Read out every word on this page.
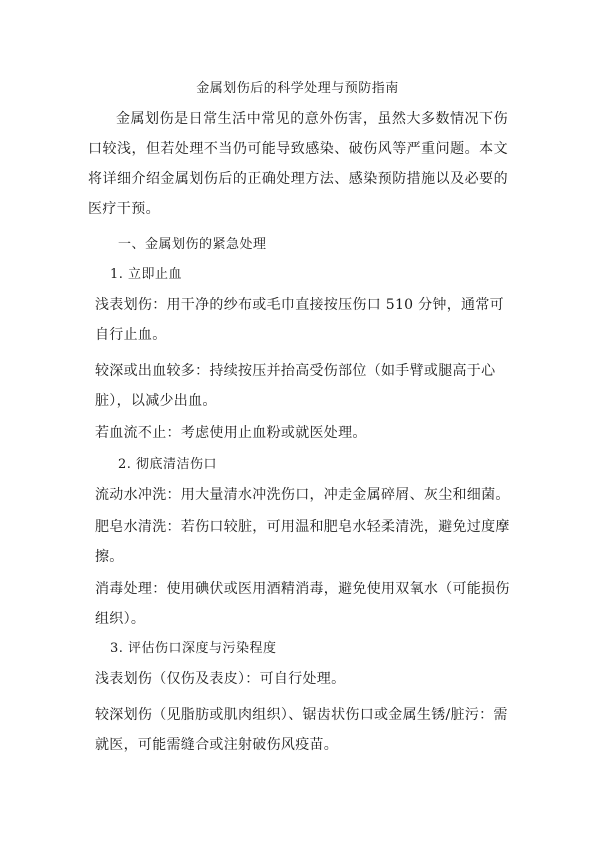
金属划伤后的科学处理与预防指南

金属划伤是日常生活中常见的意外伤害，虽然大多数情况下伤口较浅，但若处理不当仍可能导致感染、破伤风等严重问题。本文将详细介绍金属划伤后的正确处理方法、感染预防措施以及必要的医疗干预。

一、金属划伤的紧急处理
1. 立即止血

浅表划伤：用干净的纱布或毛巾直接按压伤口 510 分钟，通常可自行止血。

较深或出血较多：持续按压并抬高受伤部位（如手臂或腿高于心脏），以减少出血。

若血流不止：考虑使用止血粉或就医处理。

2. 彻底清洁伤口

流动水冲洗：用大量清水冲洗伤口，冲走金属碎屑、灰尘和细菌。

肥皂水清洗：若伤口较脏，可用温和肥皂水轻柔清洗，避免过度摩擦。

消毒处理：使用碘伏或医用酒精消毒，避免使用双氧水（可能损伤组织）。

3. 评估伤口深度与污染程度

浅表划伤（仅伤及表皮）：可自行处理。

较深划伤（见脂肪或肌肉组织）、锯齿状伤口或金属生锈/脏污：需就医，可能需缝合或注射破伤风疫苗。
